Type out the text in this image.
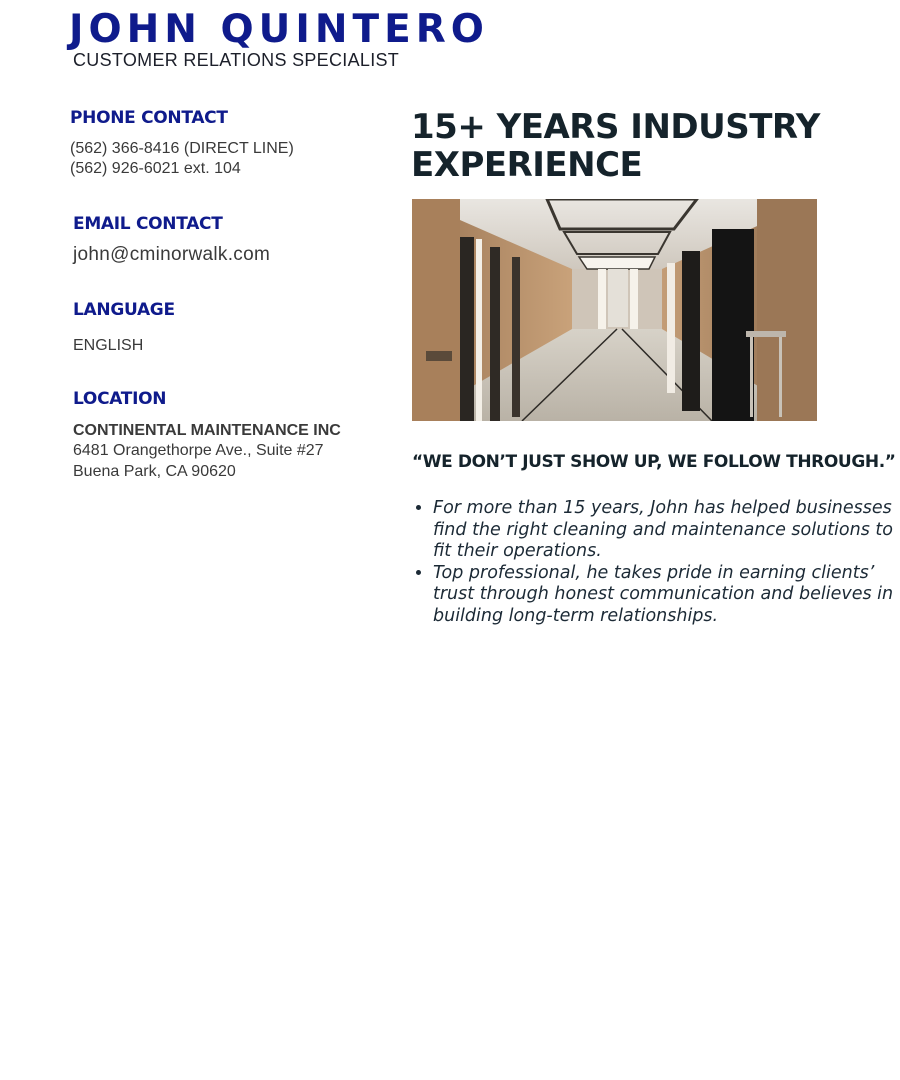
JOHN QUINTERO
CUSTOMER RELATIONS SPECIALIST
PHONE CONTACT
(562) 366-8416 (DIRECT LINE)
(562) 926-6021 ext. 104
EMAIL CONTACT
john@cminorwalk.com
LANGUAGE
ENGLISH
LOCATION
CONTINENTAL MAINTENANCE INC
6481 Orangethorpe Ave., Suite #27
Buena Park, CA 90620
15+ YEARS INDUSTRY
EXPERIENCE

“WE DON’T JUST SHOW UP, WE FOLLOW THROUGH.”

• For more than 15 years, John has helped businesses find the right cleaning and maintenance solutions to fit their operations.
• Top professional, he takes pride in earning clients’ trust through honest communication and believes in building long-term relationships.
